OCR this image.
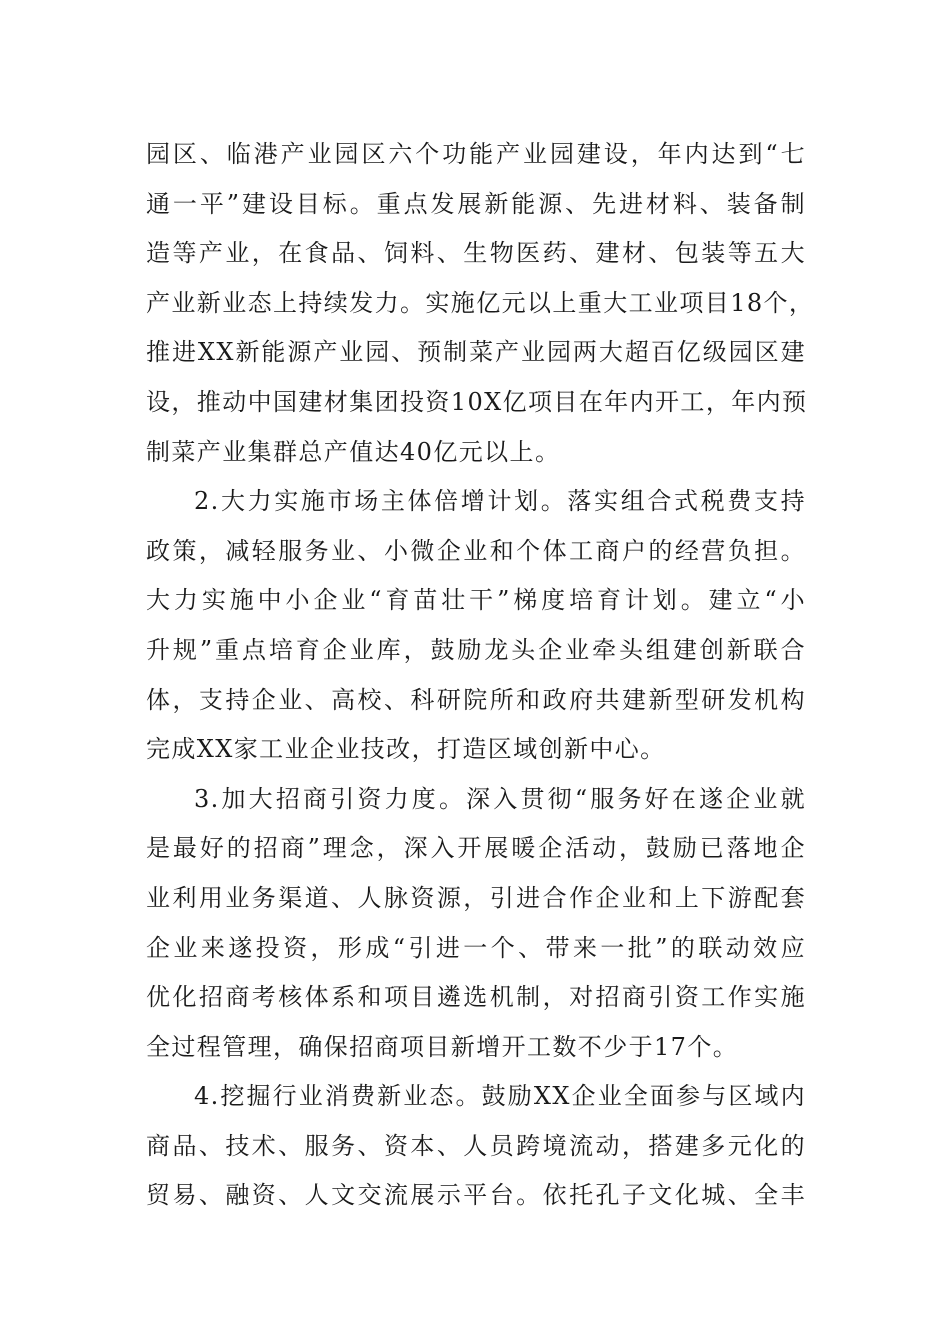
园区、临港产业园区六个功能产业园建设，年内达到“七
通一平”建设目标。重点发展新能源、先进材料、装备制
造等产业，在食品、饲料、生物医药、建材、包装等五大
产业新业态上持续发力。实施亿元以上重大工业项目18个，
推进XX新能源产业园、预制菜产业园两大超百亿级园区建
设，推动中国建材集团投资10X亿项目在年内开工，年内预
制菜产业集群总产值达40亿元以上。
2.大力实施市场主体倍增计划。落实组合式税费支持
政策，减轻服务业、小微企业和个体工商户的经营负担。
大力实施中小企业“育苗壮干”梯度培育计划。建立“小
升规”重点培育企业库，鼓励龙头企业牵头组建创新联合
体，支持企业、高校、科研院所和政府共建新型研发机构
完成XX家工业企业技改，打造区域创新中心。
3.加大招商引资力度。深入贯彻“服务好在遂企业就
是最好的招商”理念，深入开展暖企活动，鼓励已落地企
业利用业务渠道、人脉资源，引进合作企业和上下游配套
企业来遂投资，形成“引进一个、带来一批”的联动效应
优化招商考核体系和项目遴选机制，对招商引资工作实施
全过程管理，确保招商项目新增开工数不少于17个。
4.挖掘行业消费新业态。鼓励XX企业全面参与区域内
商品、技术、服务、资本、人员跨境流动，搭建多元化的
贸易、融资、人文交流展示平台。依托孔子文化城、全丰
